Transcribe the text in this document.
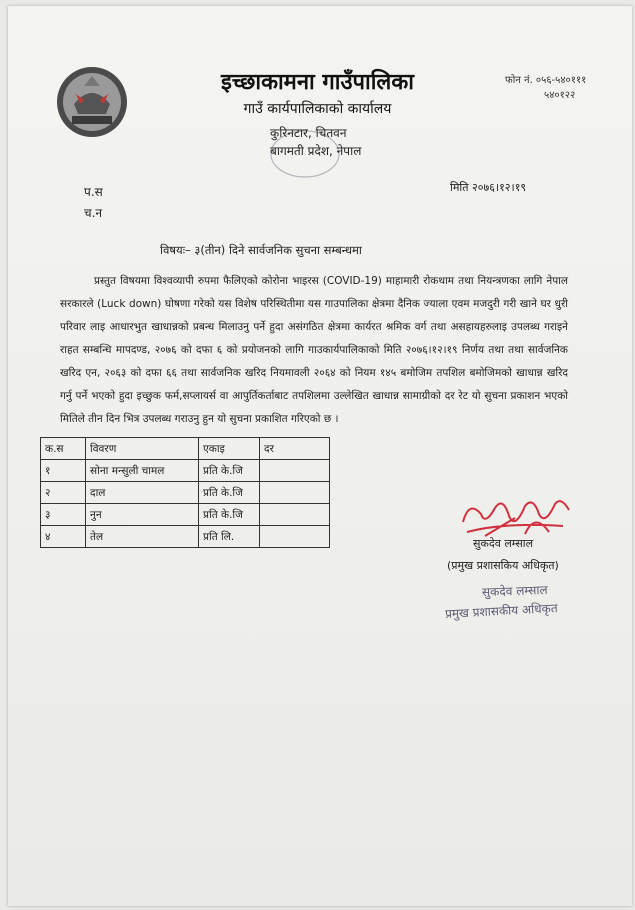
इच्छाकामना गाउँपालिका
गाउँ कार्यपालिकाको कार्यालय
कुरिनटार, चितवन
बागमती प्रदेश, नेपाल
फोन नं. ०५६-५४०१११
५४०१२२
प.स
च.न
मिति २०७६।१२।१९
विषयः– ३(तीन) दिने सार्वजनिक सुचना सम्बन्धमा
प्रस्तुत विषयमा विश्वव्यापी रुपमा फैलिएको कोरोना भाइरस (COVID-19) माहामारी रोकथाम तथा नियन्त्रणका लागि नेपाल सरकारले (Luck down) घोषणा गरेको यस विशेष परिस्थितीमा यस गाउपालिका क्षेत्रमा दैनिक ज्याला एवम मजदुरी गरी खाने घर धुरी परिवार लाइ आधारभुत खाधान्नको प्रबन्ध मिलाउनु पर्ने हुदा असंगठित क्षेत्रमा कार्यरत श्रमिक वर्ग तथा असहायहरुलाइ उपलब्ध गराइने राहत सम्बन्धि मापदण्ड, २०७६ को दफा ६ को प्रयोजनको लागि गाउकार्यपालिकाको मिति २०७६।१२।१९ निर्णय तथा तथा सार्वजनिक खरिद एन, २०६३ को दफा ६६ तथा सार्वजनिक खरिद नियमावली २०६४ को नियम १४५ बमोजिम तपशिल बमोजिमको खाधान्न खरिद गर्नु पर्ने भएको हुदा इच्छुक फर्म,सप्लायर्स वा आपुर्तिकर्ताबाट तपशिलमा उल्लेखित खाधान्न सामाग्रीको दर रेट यो सुचना प्रकाशन भएको मितिले तीन दिन भित्र उपलब्ध गराउनु हुन यो सुचना प्रकाशित गरिएको छ ।
क.स	विवरण	एकाइ	दर
१	सोना मन्सुली चामल	प्रति के.जि	
२	दाल	प्रति के.जि	
३	नुन	प्रति के.जि	
४	तेल	प्रति लि.	
सुकदेव लम्साल
(प्रमुख प्रशासकिय अधिकृत)
सुकदेव लम्साल
प्रमुख प्रशासकीय अधिकृत
